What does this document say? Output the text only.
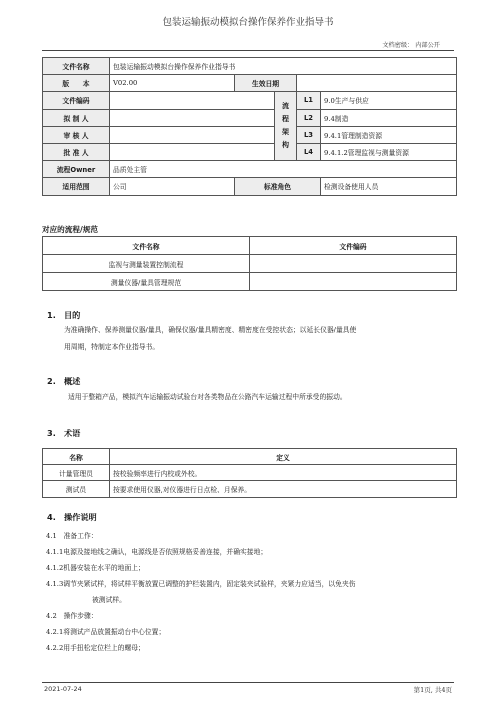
包装运输振动模拟台操作保养作业指导书
文档密级： 内部公开
文件名称	包装运输振动模拟台操作保养作业指导书				
版　　本	V02.00	生效日期			
文件编码			流程架构	L1	9.0生产与供应
拟 制 人				L2	9.4制造
审 核 人				L3	9.4.1管理制造资源
批 准 人				L4	9.4.1.2管理监视与测量资源
流程Owner	品质处主管				
适用范围	公司	标准角色			检测设备使用人员
对应的流程/规范
文件名称	文件编码
监视与测量装置控制流程	
测量仪器/量具管理规范	
1.　目的
为准确操作、保养测量仪器/量具，确保仪器/量具精密度、精密度在受控状态；以延长仪器/量具使
用周期，特制定本作业指导书。
2.　概述
适用于整箱产品，模拟汽车运输振动试验台对各类物品在公路汽车运输过程中所承受的振动。
3.　术语
名称	定义
计量管理员	按校验频率进行内校或外校。
测试员	按要求使用仪器,对仪器进行日点检、月保养。
4.　操作说明
4.1　准备工作：
4.1.1电源及接地线之确认，电源线是否依照规格妥善连接，并确实接地；
4.1.2机器安装在水平的地面上；
4.1.3调节夹紧试样，将试样平衡放置已调整的护栏装置内，固定装夹试验样，夹紧力应适当，以免夹伤
被测试样。
4.2　操作步骤：
4.2.1将测试产品放置振动台中心位置；
4.2.2用手扭松定位栏上的螺母；
2021-07-24	第1页, 共4页
